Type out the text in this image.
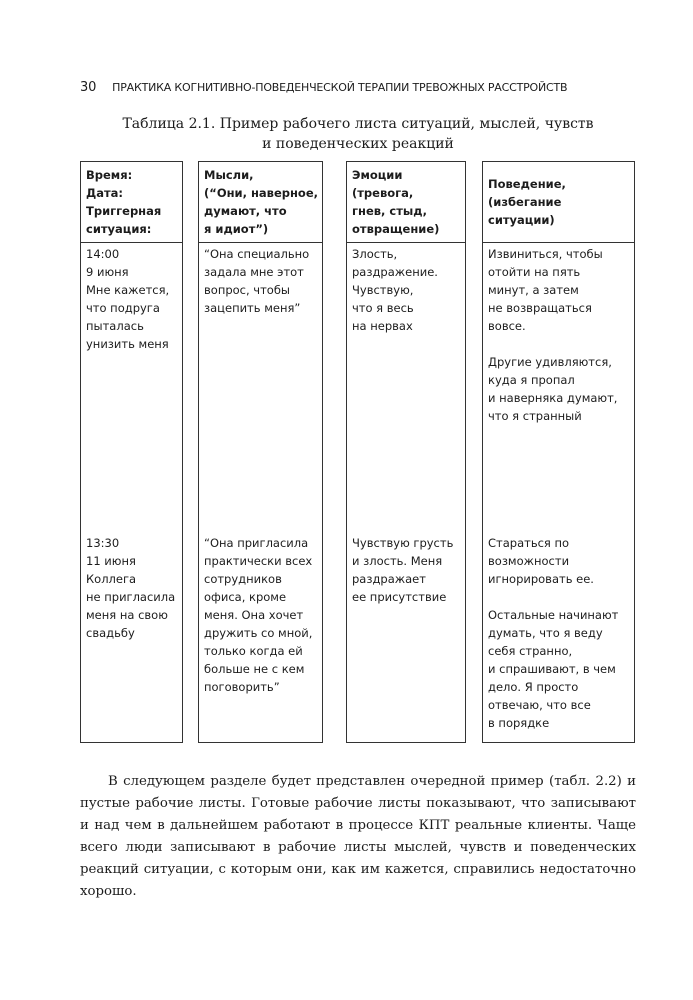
30 ПРАКТИКА КОГНИТИВНО-ПОВЕДЕНЧЕСКОЙ ТЕРАПИИ ТРЕВОЖНЫХ РАССТРОЙСТВ
Таблица 2.1. Пример рабочего листа ситуаций, мыслей, чувств
и поведенческих реакций
Время:
Дата:
Триггерная
ситуация:
14:00
9 июня
Мне кажется,
что подруга
пыталась
унизить меня
13:30
11 июня
Коллега
не пригласила
меня на свою
свадьбу
Мысли,
(“Они, наверное,
думают, что
я идиот”)
“Она специально
задала мне этот
вопрос, чтобы
зацепить меня”
“Она пригласила
практически всех
сотрудников
офиса, кроме
меня. Она хочет
дружить со мной,
только когда ей
больше не с кем
поговорить”
Эмоции
(тревога,
гнев, стыд,
отвращение)
Злость,
раздражение.
Чувствую,
что я весь
на нервах
Чувствую грусть
и злость. Меня
раздражает
ее присутствие
Поведение,
(избегание
ситуации)
Извиниться, чтобы
отойти на пять
минут, а затем
не возвращаться
вовсе.

Другие удивляются,
куда я пропал
и наверняка думают,
что я странный
Стараться по
возможности
игнорировать ее.

Остальные начинают
думать, что я веду
себя странно,
и спрашивают, в чем
дело. Я просто
отвечаю, что все
в порядке
В следующем разделе будет представлен очередной пример (табл. 2.2) и пустые рабочие листы. Готовые рабочие листы показывают, что записывают и над чем в дальнейшем работают в процессе КПТ реальные клиенты. Чаще всего люди записывают в рабочие листы мыслей, чувств и поведенческих реакций ситуации, с которым они, как им кажется, справились недостаточно хорошо.
